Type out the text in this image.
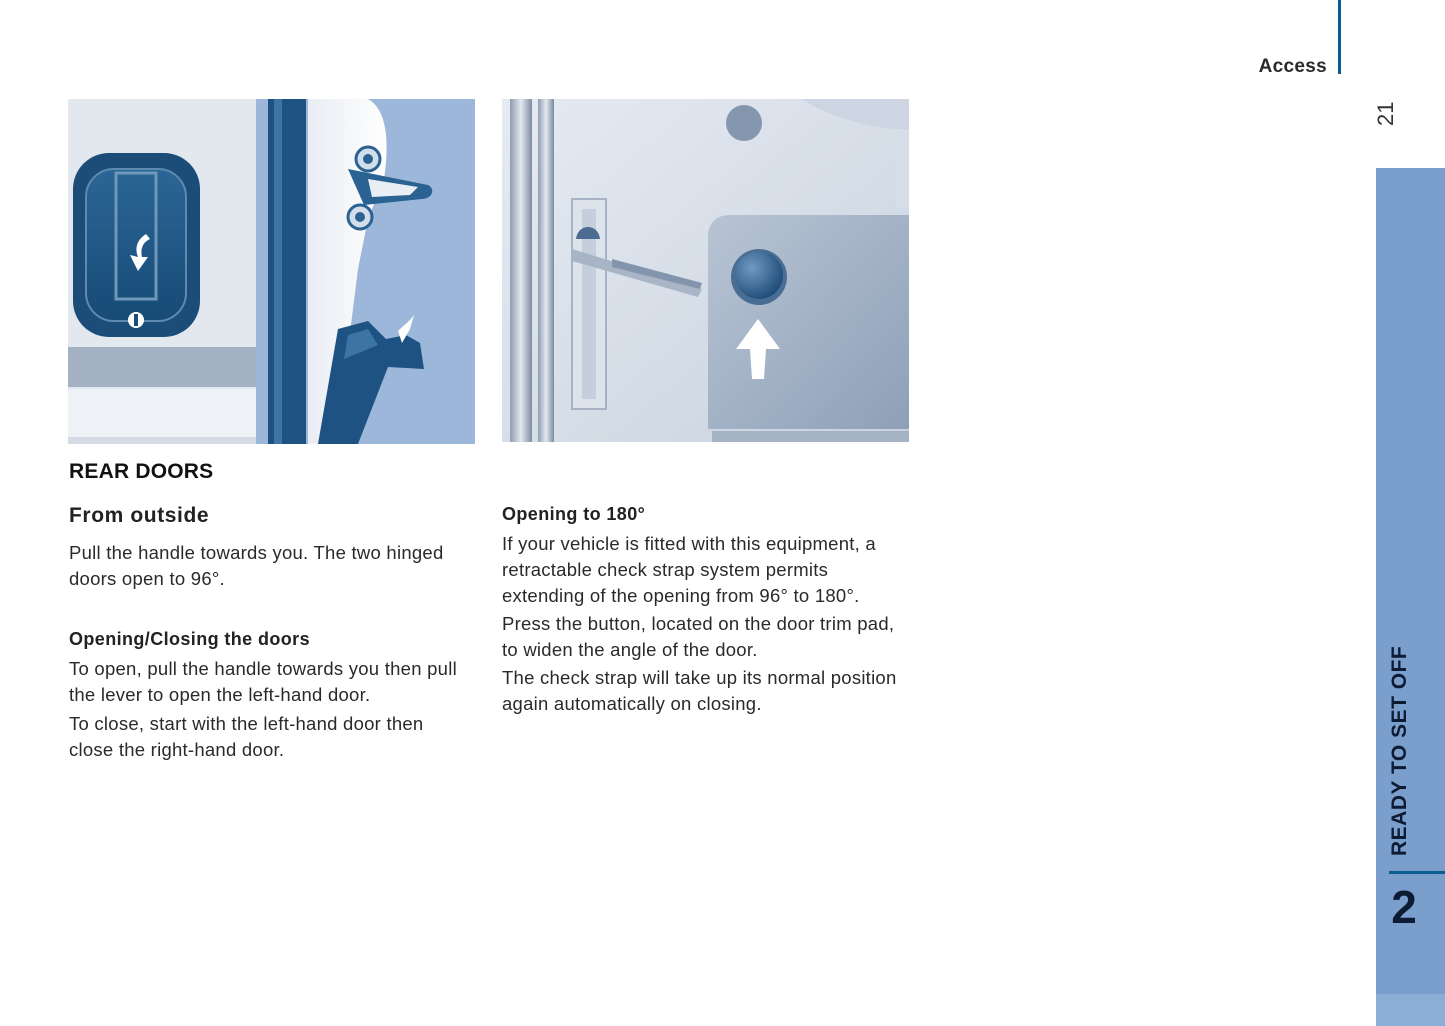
Access
21
READY TO SET OFF
2
REAR DOORS
From outside

Pull the handle towards you. The two hinged doors open to 96°.

Opening/Closing the doors

To open, pull the handle towards you then pull the lever to open the left-hand door.

To close, start with the left-hand door then close the right-hand door.

Opening to 180°

If your vehicle is fitted with this equipment, a retractable check strap system permits extending of the opening from 96° to 180°.

Press the button, located on the door trim pad, to widen the angle of the door.

The check strap will take up its normal position again automatically on closing.
